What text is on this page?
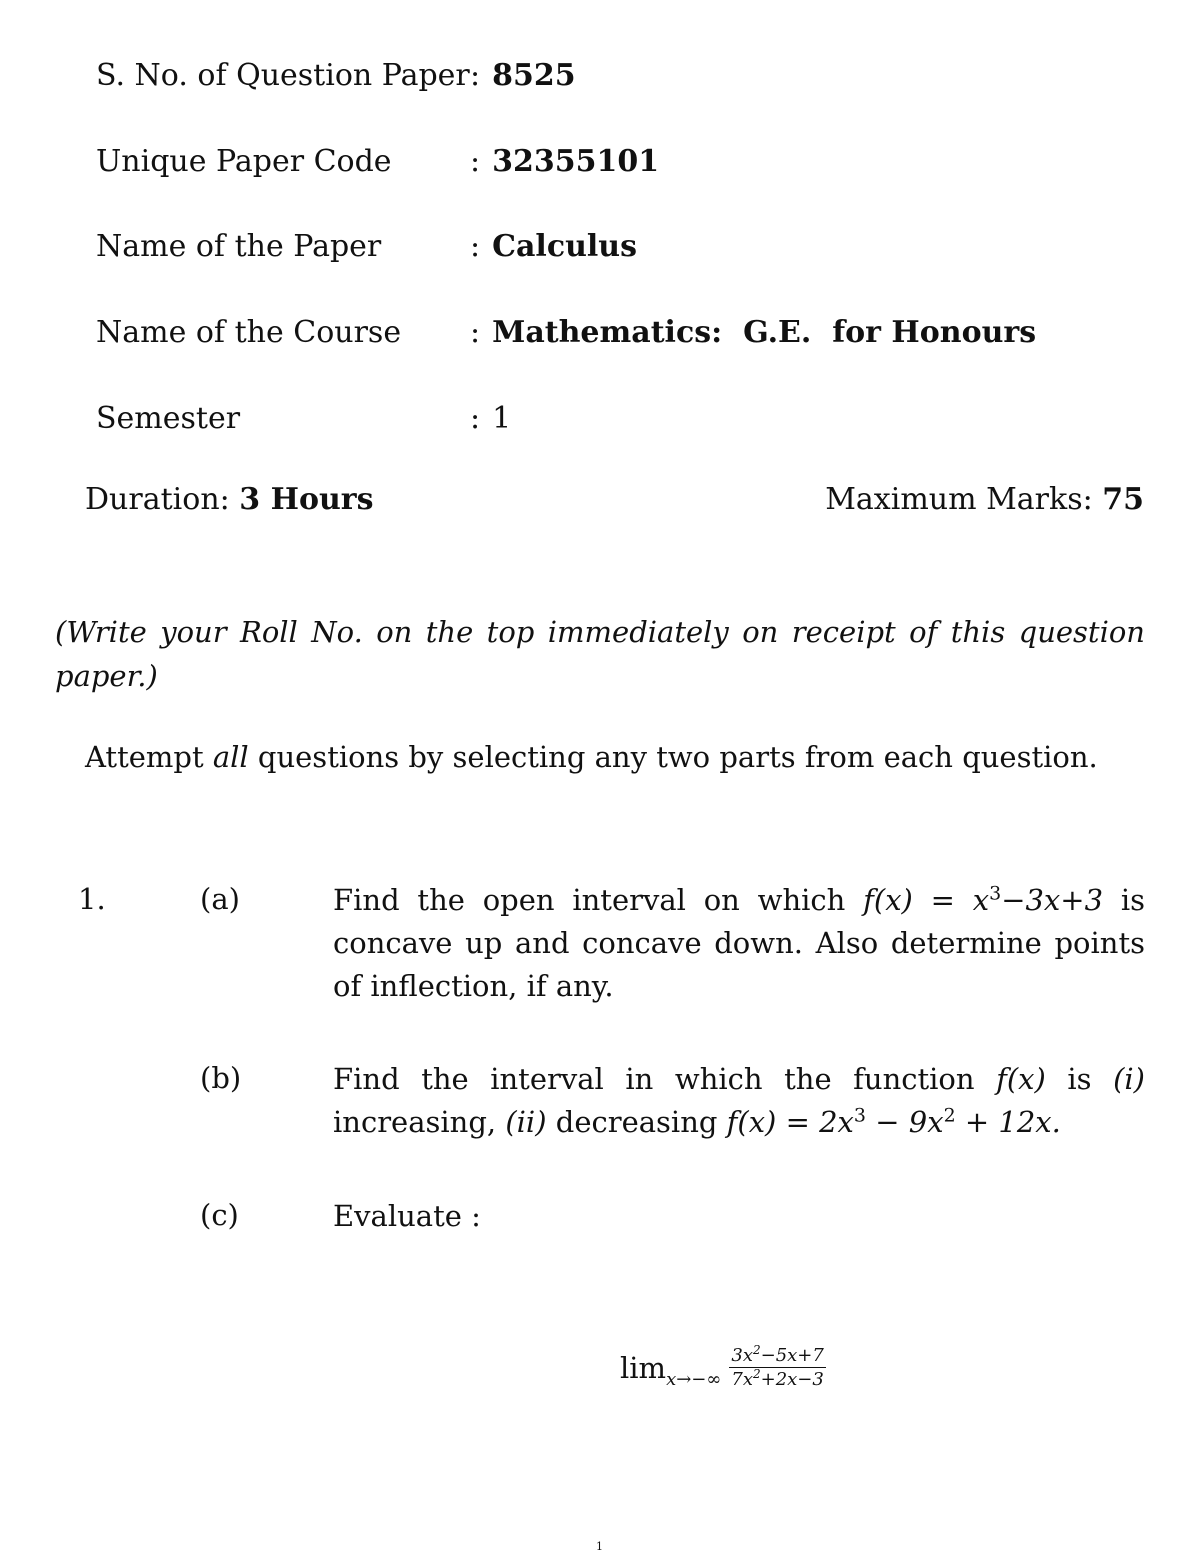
S. No. of Question Paper : 8525
Unique Paper Code	: 32355101
Name of the Paper	: Calculus
Name of the Course : Mathematics:  G.E.  for Honours
Semester	: 1
Duration: 3 Hours	Maximum Marks: 75
(Write your Roll No. on the top immediately on receipt of this question paper.)
Attempt all questions by selecting any two parts from each question.
1.	(a)	Find the open interval on which $f(x) = x^3-3x+3$ is concave up and concave down. Also determine points of inflection, if any.
(b)	Find the interval in which the function f(x) is (i) increasing, (ii) decreasing $f(x) = 2x^3 - 9x^2 + 12x$.
(c)	Evaluate :
$\lim x\to-\infty \frac{3x^2-5x+7}{7x^2+2x-3}$
1
